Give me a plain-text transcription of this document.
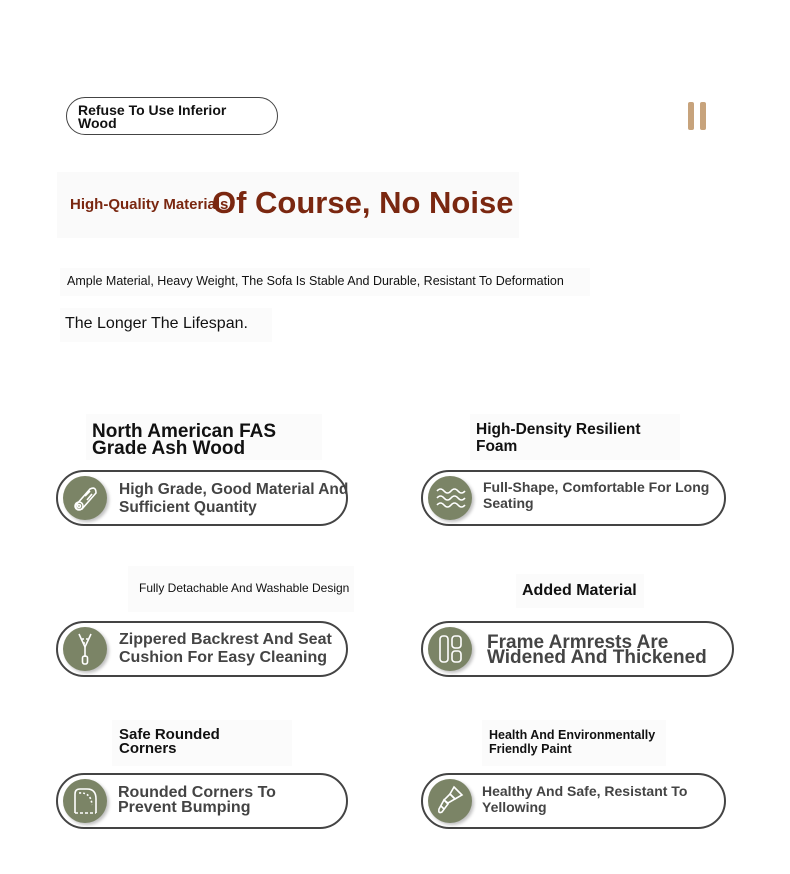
Refuse To Use Inferior Wood
High-Quality Materials
Of Course, No Noise
Ample Material, Heavy Weight, The Sofa Is Stable And Durable, Resistant To Deformation
The Longer The Lifespan.
North American FAS
Grade Ash Wood
High Grade, Good Material And
Sufficient Quantity
High-Density Resilient
Foam
Full-Shape, Comfortable For Long
Seating
Fully Detachable And Washable Design
Zippered Backrest And Seat
Cushion For Easy Cleaning
Added Material
Frame Armrests Are
Widened And Thickened
Safe Rounded
Corners
Rounded Corners To
Prevent Bumping
Health And Environmentally
Friendly Paint
Healthy And Safe, Resistant To
Yellowing
